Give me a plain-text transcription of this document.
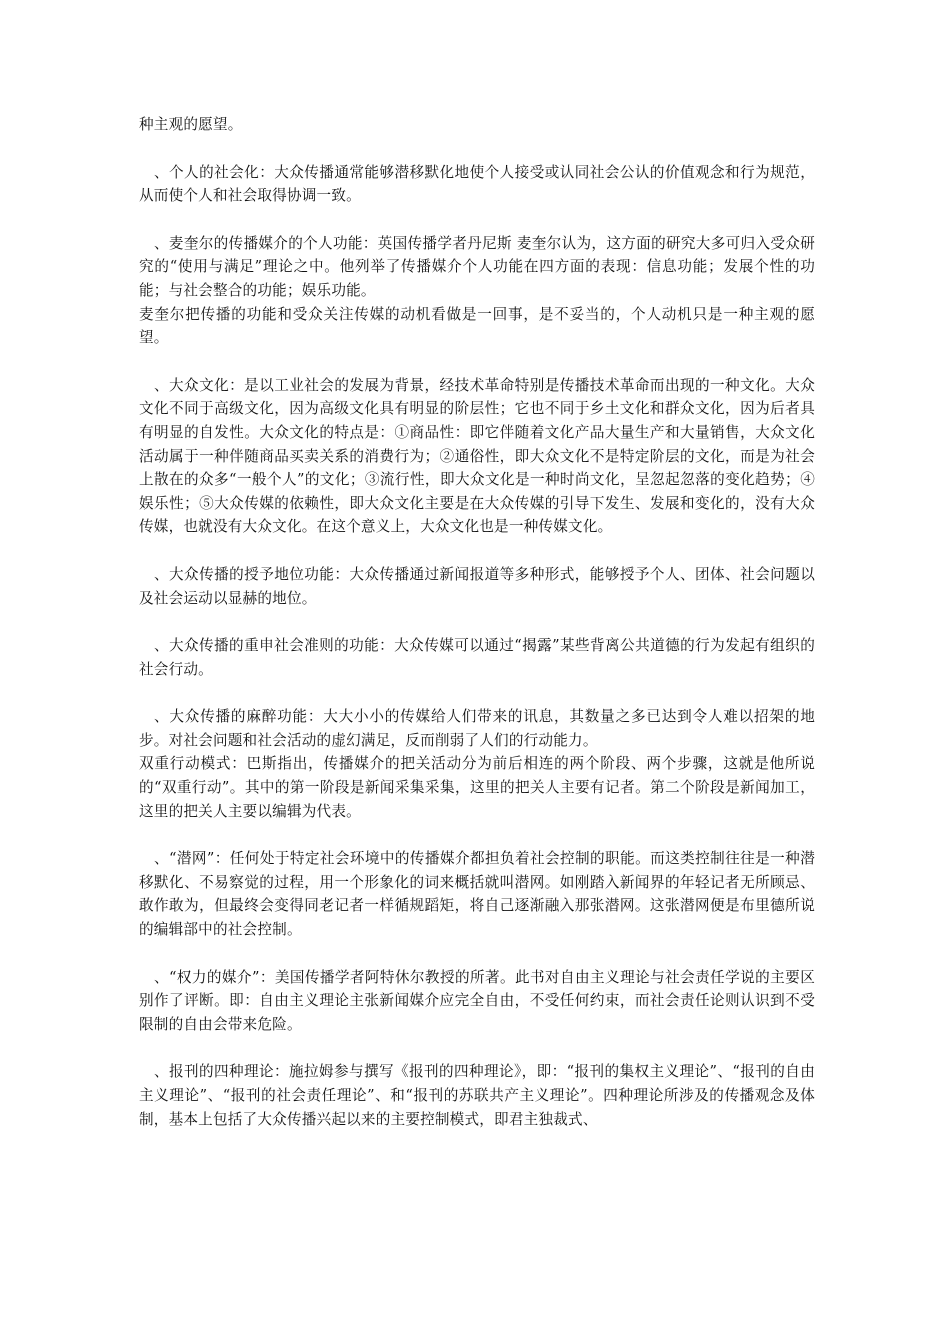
种主观的愿望。

、个人的社会化：大众传播通常能够潜移默化地使个人接受或认同社会公认的价值观念和行为规范，从而使个人和社会取得协调一致。

、麦奎尔的传播媒介的个人功能：英国传播学者丹尼斯 麦奎尔认为，这方面的研究大多可归入受众研究的“使用与满足”理论之中。他列举了传播媒介个人功能在四方面的表现：信息功能；发展个性的功能；与社会整合的功能；娱乐功能。

麦奎尔把传播的功能和受众关注传媒的动机看做是一回事，是不妥当的，个人动机只是一种主观的愿望。

、大众文化：是以工业社会的发展为背景，经技术革命特别是传播技术革命而出现的一种文化。大众文化不同于高级文化，因为高级文化具有明显的阶层性；它也不同于乡土文化和群众文化，因为后者具有明显的自发性。大众文化的特点是：①商品性：即它伴随着文化产品大量生产和大量销售，大众文化活动属于一种伴随商品买卖关系的消费行为；②通俗性，即大众文化不是特定阶层的文化，而是为社会上散在的众多“一般个人”的文化；③流行性，即大众文化是一种时尚文化，呈忽起忽落的变化趋势；④娱乐性；⑤大众传媒的依赖性，即大众文化主要是在大众传媒的引导下发生、发展和变化的，没有大众传媒，也就没有大众文化。在这个意义上，大众文化也是一种传媒文化。

、大众传播的授予地位功能：大众传播通过新闻报道等多种形式，能够授予个人、团体、社会问题以及社会运动以显赫的地位。

、大众传播的重申社会准则的功能：大众传媒可以通过“揭露”某些背离公共道德的行为发起有组织的社会行动。

、大众传播的麻醉功能：大大小小的传媒给人们带来的讯息，其数量之多已达到令人难以招架的地步。对社会问题和社会活动的虚幻满足，反而削弱了人们的行动能力。

双重行动模式：巴斯指出，传播媒介的把关活动分为前后相连的两个阶段、两个步骤，这就是他所说的“双重行动”。其中的第一阶段是新闻采集采集，这里的把关人主要有记者。第二个阶段是新闻加工，这里的把关人主要以编辑为代表。

、“潜网”：任何处于特定社会环境中的传播媒介都担负着社会控制的职能。而这类控制往往是一种潜移默化、不易察觉的过程，用一个形象化的词来概括就叫潜网。如刚踏入新闻界的年轻记者无所顾忌、敢作敢为，但最终会变得同老记者一样循规蹈矩，将自己逐渐融入那张潜网。这张潜网便是布里德所说的编辑部中的社会控制。

、“权力的媒介”：美国传播学者阿特休尔教授的所著。此书对自由主义理论与社会责任学说的主要区别作了评断。即：自由主义理论主张新闻媒介应完全自由，不受任何约束，而社会责任论则认识到不受限制的自由会带来危险。

、报刊的四种理论：施拉姆参与撰写《报刊的四种理论》，即：“报刊的集权主义理论”、“报刊的自由主义理论”、“报刊的社会责任理论”、和“报刊的苏联共产主义理论”。四种理论所涉及的传播观念及体制，基本上包括了大众传播兴起以来的主要控制模式，即君主独裁式、
